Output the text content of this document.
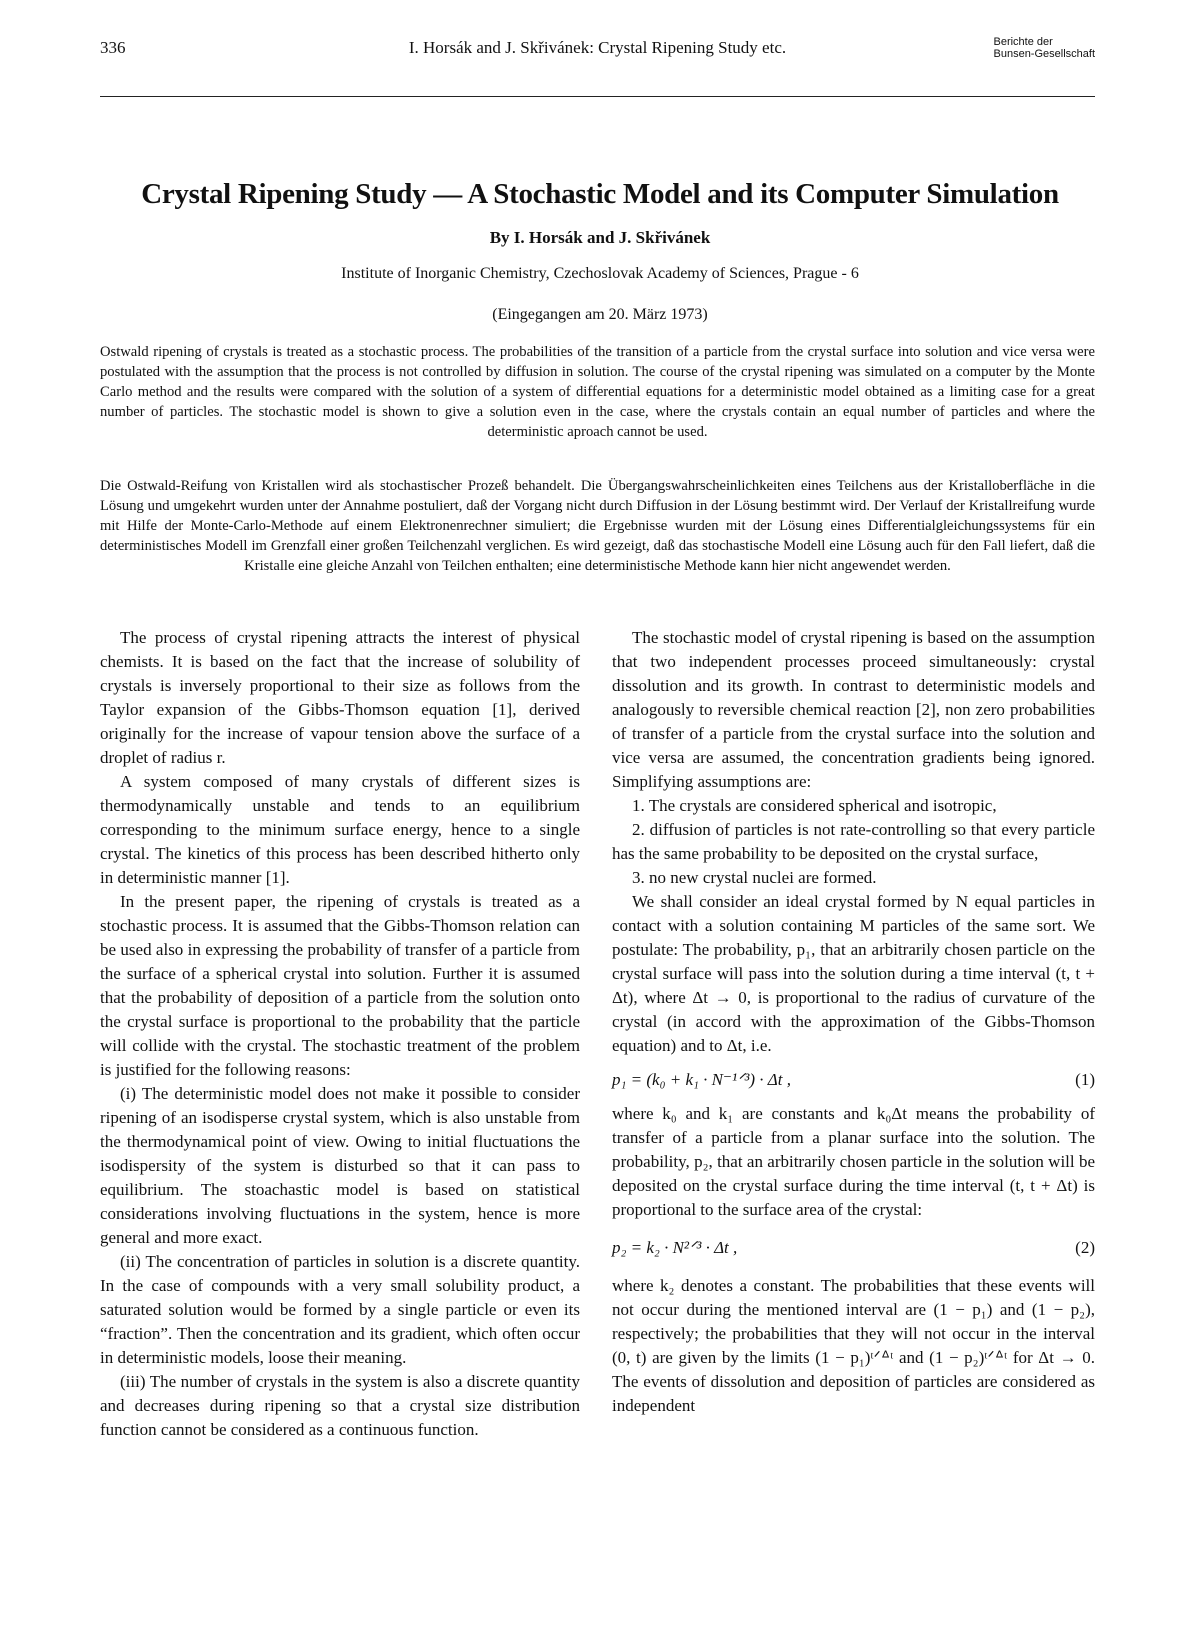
336	I. Horsák and J. Skřivánek: Crystal Ripening Study etc.	Berichte der
Bunsen-Gesellschaft
Crystal Ripening Study — A Stochastic Model and its Computer Simulation
By I. Horsák and J. Skřivánek
Institute of Inorganic Chemistry, Czechoslovak Academy of Sciences, Prague - 6
(Eingegangen am 20. März 1973)
Ostwald ripening of crystals is treated as a stochastic process. The probabilities of the transition of a particle from the crystal surface into solution and vice versa were postulated with the assumption that the process is not controlled by diffusion in solution. The course of the crystal ripening was simulated on a computer by the Monte Carlo method and the results were compared with the solution of a system of differential equations for a deterministic model obtained as a limiting case for a great number of particles. The stochastic model is shown to give a solution even in the case, where the crystals contain an equal number of particles and where the deterministic aproach cannot be used.
Die Ostwald-Reifung von Kristallen wird als stochastischer Prozeß behandelt. Die Übergangswahrscheinlichkeiten eines Teilchens aus der Kristalloberfläche in die Lösung und umgekehrt wurden unter der Annahme postuliert, daß der Vorgang nicht durch Diffusion in der Lösung bestimmt wird. Der Verlauf der Kristallreifung wurde mit Hilfe der Monte-Carlo-Methode auf einem Elektronenrechner simuliert; die Ergebnisse wurden mit der Lösung eines Differentialgleichungssystems für ein deterministisches Modell im Grenzfall einer großen Teilchenzahl verglichen. Es wird gezeigt, daß das stochastische Modell eine Lösung auch für den Fall liefert, daß die Kristalle eine gleiche Anzahl von Teilchen enthalten; eine deterministische Methode kann hier nicht angewendet werden.

The process of crystal ripening attracts the interest of physical chemists. It is based on the fact that the increase of solubility of crystals is inversely proportional to their size as follows from the Taylor expansion of the Gibbs-Thomson equation [1], derived originally for the increase of vapour tension above the surface of a droplet of radius r.

A system composed of many crystals of different sizes is thermodynamically unstable and tends to an equilibrium corresponding to the minimum surface energy, hence to a single crystal. The kinetics of this process has been described hitherto only in deterministic manner [1].

In the present paper, the ripening of crystals is treated as a stochastic process. It is assumed that the Gibbs-Thomson relation can be used also in expressing the probability of transfer of a particle from the surface of a spherical crystal into solution. Further it is assumed that the probability of deposition of a particle from the solution onto the crystal surface is proportional to the probability that the particle will collide with the crystal. The stochastic treatment of the problem is justified for the following reasons:

(i) The deterministic model does not make it possible to consider ripening of an isodisperse crystal system, which is also unstable from the thermodynamical point of view. Owing to initial fluctuations the isodispersity of the system is disturbed so that it can pass to equilibrium. The stoachastic model is based on statistical considerations involving fluctuations in the system, hence is more general and more exact.

(ii) The concentration of particles in solution is a discrete quantity. In the case of compounds with a very small solubility product, a saturated solution would be formed by a single particle or even its “fraction”. Then the concentration and its gradient, which often occur in deterministic models, loose their meaning.

(iii) The number of crystals in the system is also a discrete quantity and decreases during ripening so that a crystal size distribution function cannot be considered as a continuous function.

The stochastic model of crystal ripening is based on the assumption that two independent processes proceed simultaneously: crystal dissolution and its growth. In contrast to deterministic models and analogously to reversible chemical reaction [2], non zero probabilities of transfer of a particle from the crystal surface into the solution and vice versa are assumed, the concentration gradients being ignored. Simplifying assumptions are:

1. The crystals are considered spherical and isotropic,

2. diffusion of particles is not rate-controlling so that every particle has the same probability to be deposited on the crystal surface,

3. no new crystal nuclei are formed.

We shall consider an ideal crystal formed by N equal particles in contact with a solution containing M particles of the same sort. We postulate: The probability, p₁, that an arbitrarily chosen particle on the crystal surface will pass into the solution during a time interval (t, t + Δt), where Δt → 0, is proportional to the radius of curvature of the crystal (in accord with the approximation of the Gibbs-Thomson equation) and to Δt, i.e.

p₁ = (k₀ + k₁ · N⁻¹ᐟ³) · Δt ,	(1)

where k₀ and k₁ are constants and k₀Δt means the probability of transfer of a particle from a planar surface into the solution. The probability, p₂, that an arbitrarily chosen particle in the solution will be deposited on the crystal surface during the time interval (t, t + Δt) is proportional to the surface area of the crystal:

p₂ = k₂ · N²ᐟ³ · Δt ,	(2)

where k₂ denotes a constant. The probabilities that these events will not occur during the mentioned interval are (1 − p₁) and (1 − p₂), respectively; the probabilities that they will not occur in the interval (0, t) are given by the limits (1 − p₁)ᵗᐟᐞᵗ and (1 − p₂)ᵗᐟᐞᵗ for Δt → 0. The events of dissolution and deposition of particles are considered as independent
